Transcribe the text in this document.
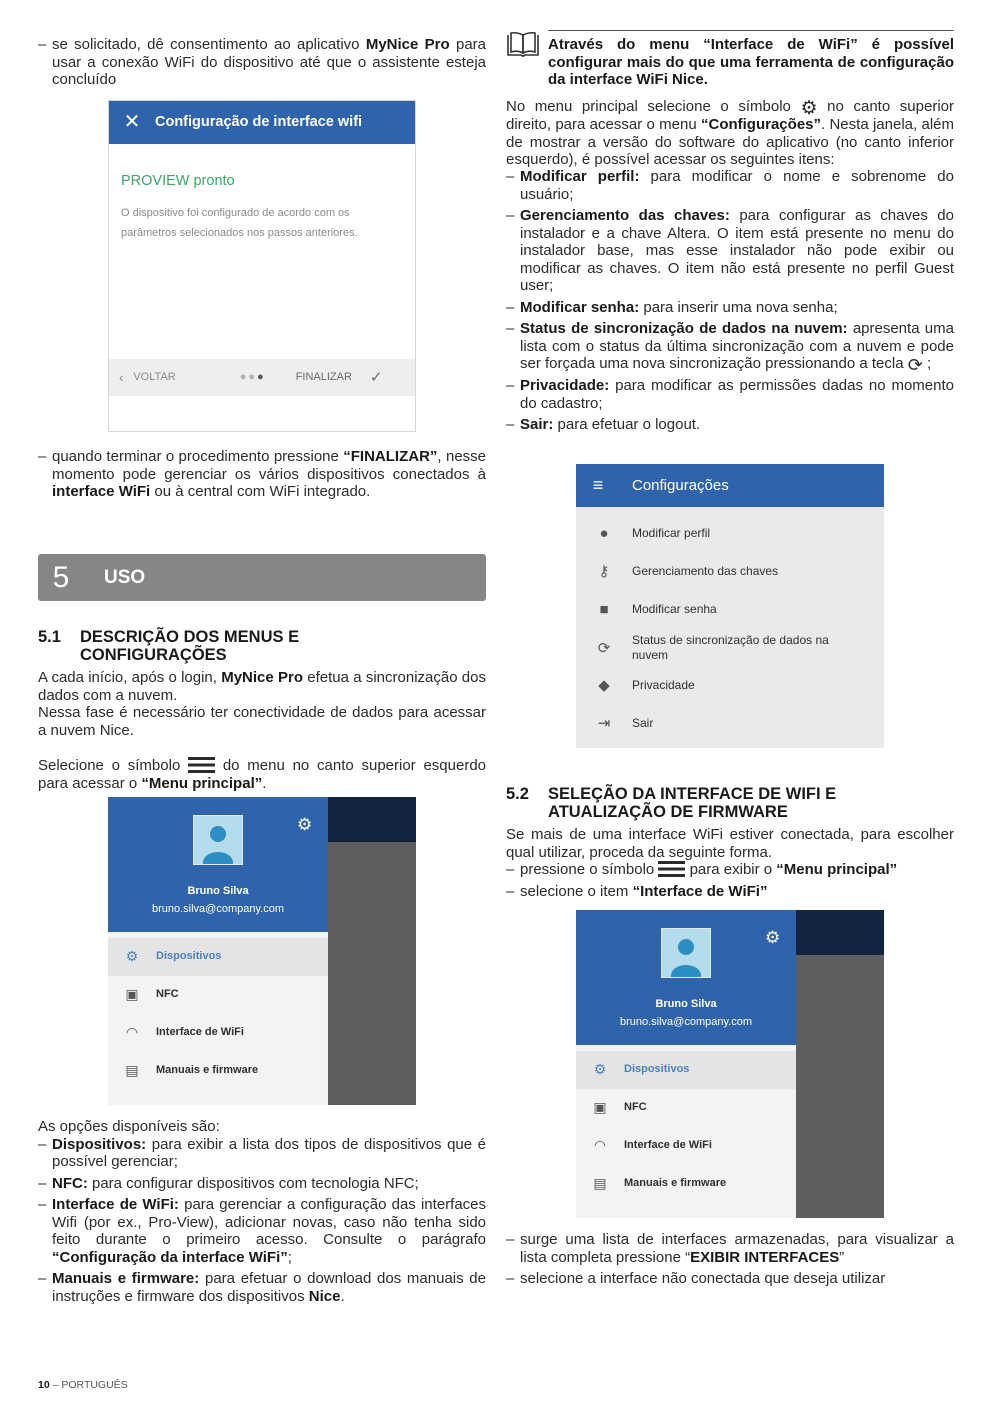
– se solicitado, dê consentimento ao aplicativo MyNice Pro para usar a conexão WiFi do dispositivo até que o assistente esteja concluído
✕	Configuração de interface wifi
PROVIEW pronto
O dispositivo foi configurado de acordo com os
parâmetros selecionados nos passos anteriores.
‹ VOLTAR	●●●	FINALIZAR ✓
– quando terminar o procedimento pressione “FINALIZAR”, nesse momento pode gerenciar os vários dispositivos conectados à interface WiFi ou à central com WiFi integrado.
5	USO
5.1 DESCRIÇÃO DOS MENUS E
CONFIGURAÇÕES

A cada início, após o login, MyNice Pro efetua a sincronização dos dados com a nuvem.

Nessa fase é necessário ter conectividade de dados para acessar a nuvem Nice.

Selecione o símbolo  do menu no canto superior esquerdo para acessar o “Menu principal”.

⚙
Bruno Silva
bruno.silva@company.com
⚙	Dispositivos
▣	NFC
◠	Interface de WiFi
▤	Manuais e firmware

As opções disponíveis são:

– Dispositivos: para exibir a lista dos tipos de dispositivos que é possível gerenciar;
– NFC: para configurar dispositivos com tecnologia NFC;
– Interface de WiFi: para gerenciar a configuração das interfaces Wifi (por ex., Pro-View), adicionar novas, caso não tenha sido feito durante o primeiro acesso. Consulte o parágrafo “Configuração da interface WiFi”;
– Manuais e firmware: para efetuar o download dos manuais de instruções e firmware dos dispositivos Nice.

Através do menu “Interface de WiFi” é possível configurar mais do que uma ferramenta de configuração da interface WiFi Nice.

No menu principal selecione o símbolo ⚙ no canto superior direito, para acessar o menu “Configurações”. Nesta janela, além de mostrar a versão do software do aplicativo (no canto inferior esquerdo), é possível acessar os seguintes itens:

– Modificar perfil: para modificar o nome e sobrenome do usuário;
– Gerenciamento das chaves: para configurar as chaves do instalador e a chave Altera. O item está presente no menu do instalador base, mas esse instalador não pode exibir ou modificar as chaves. O item não está presente no perfil Guest user;
– Modificar senha: para inserir uma nova senha;
– Status de sincronização de dados na nuvem: apresenta uma lista com o status da última sincronização com a nuvem e pode ser forçada uma nova sincronização pressionando a tecla ⟳ ;
– Privacidade: para modificar as permissões dadas no momento do cadastro;
– Sair: para efetuar o logout.
≡	Configurações
●	Modificar perfil
⚷	Gerenciamento das chaves
■	Modificar senha
⟳	Status de sincronização de dados na
nuvem
◆	Privacidade
⇥	Sair
5.2 SELEÇÃO DA INTERFACE DE WIFI E
ATUALIZAÇÃO DE FIRMWARE

Se mais de uma interface WiFi estiver conectada, para escolher qual utilizar, proceda da seguinte forma.

– pressione o símbolo  para exibir o “Menu principal”
– selecione o item “Interface de WiFi”
⚙
Bruno Silva
bruno.silva@company.com
⚙	Dispositivos
▣	NFC
◠	Interface de WiFi
▤	Manuais e firmware
– surge uma lista de interfaces armazenadas, para visualizar a lista completa pressione “EXIBIR INTERFACES”
– selecione a interface não conectada que deseja utilizar
10 – PORTUGUÊS
